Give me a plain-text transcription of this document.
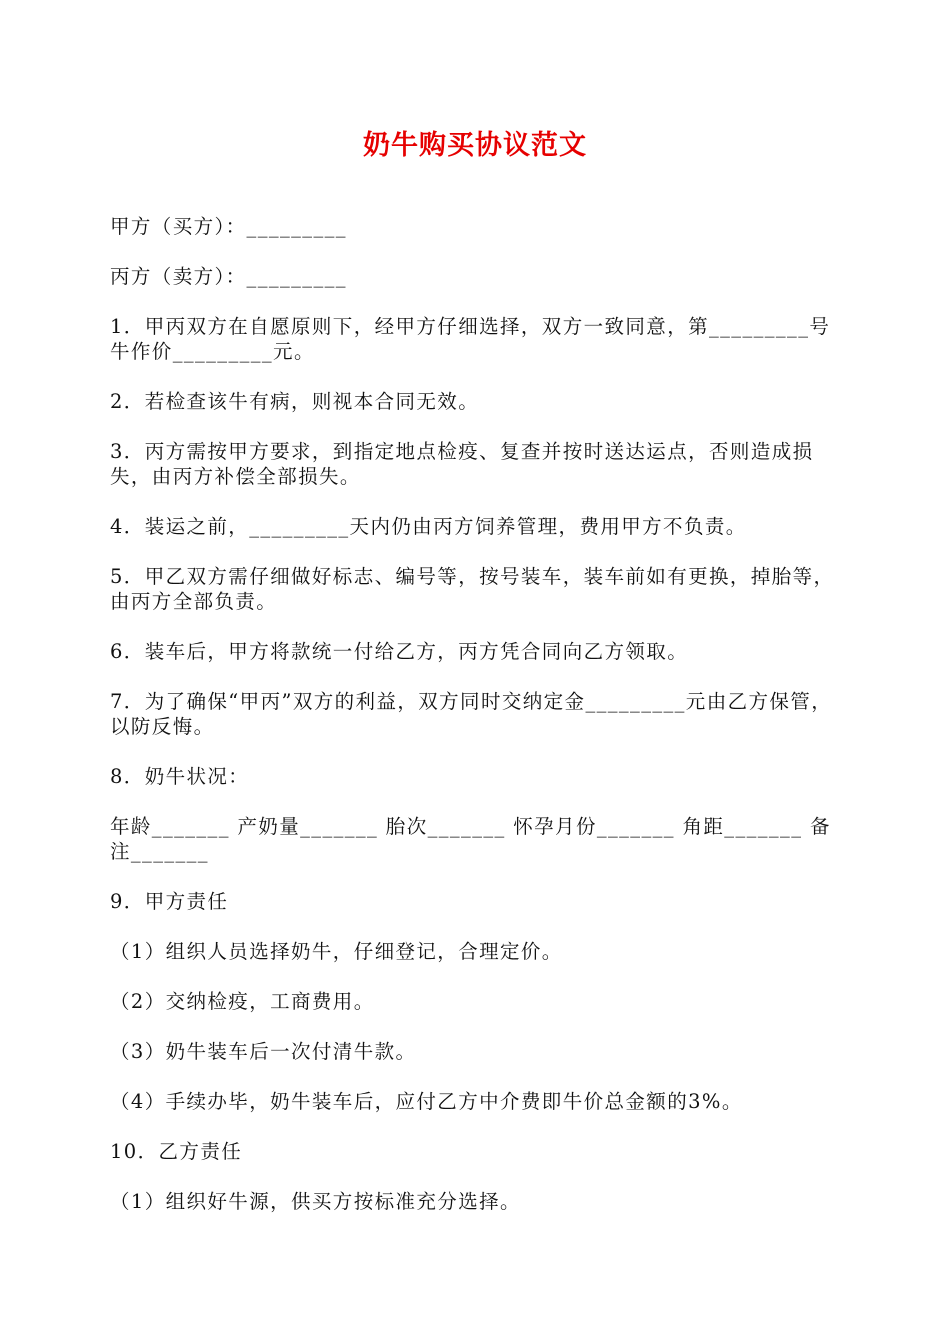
奶牛购买协议范文

甲方（买方）：_________

丙方（卖方）：_________

1．甲丙双方在自愿原则下，经甲方仔细选择，双方一致同意，第_________号牛作价_________元。

2．若检查该牛有病，则视本合同无效。

3．丙方需按甲方要求，到指定地点检疫、复查并按时送达运点，否则造成损失，由丙方补偿全部损失。

4．装运之前，_________天内仍由丙方饲养管理，费用甲方不负责。

5．甲乙双方需仔细做好标志、编号等，按号装车，装车前如有更换，掉胎等，由丙方全部负责。

6．装车后，甲方将款统一付给乙方，丙方凭合同向乙方领取。

7．为了确保“甲丙”双方的利益，双方同时交纳定金_________元由乙方保管，以防反悔。

8．奶牛状况：

年龄_______ 产奶量_______ 胎次_______ 怀孕月份_______ 角距_______ 备注_______

9．甲方责任

（1）组织人员选择奶牛，仔细登记，合理定价。

（2）交纳检疫，工商费用。

（3）奶牛装车后一次付清牛款。

（4）手续办毕，奶牛装车后，应付乙方中介费即牛价总金额的3%。

10．乙方责任

（1）组织好牛源，供买方按标准充分选择。
